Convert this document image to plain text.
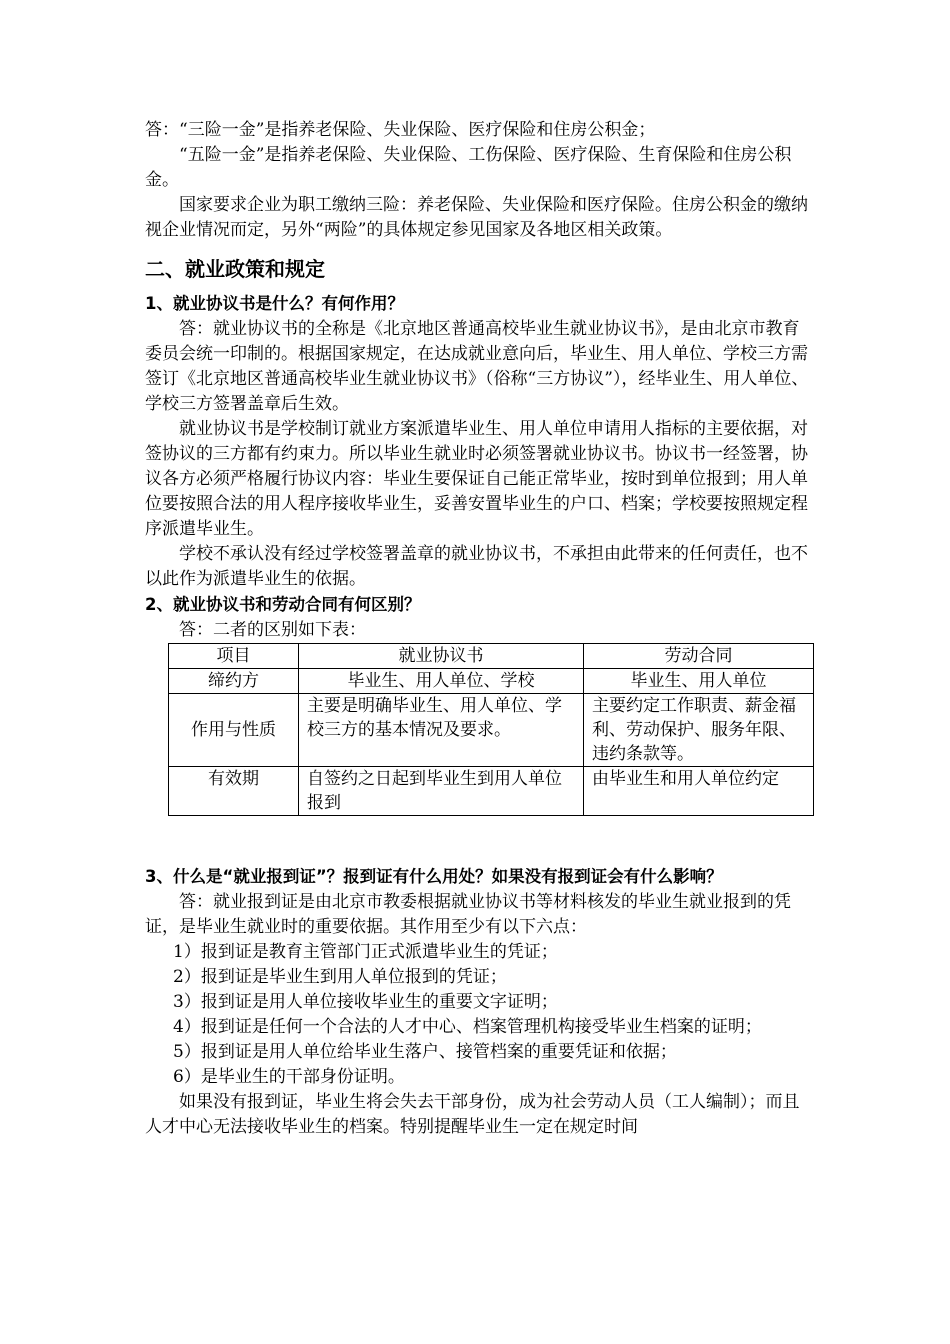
答：“三险一金”是指养老保险、失业保险、医疗保险和住房公积金；

“五险一金”是指养老保险、失业保险、工伤保险、医疗保险、生育保险和住房公积金。

国家要求企业为职工缴纳三险：养老保险、失业保险和医疗保险。住房公积金的缴纳视企业情况而定，另外“两险”的具体规定参见国家及各地区相关政策。

二、就业政策和规定
1、就业协议书是什么？有何作用？

答：就业协议书的全称是《北京地区普通高校毕业生就业协议书》，是由北京市教育委员会统一印制的。根据国家规定，在达成就业意向后，毕业生、用人单位、学校三方需签订《北京地区普通高校毕业生就业协议书》（俗称“三方协议”），经毕业生、用人单位、学校三方签署盖章后生效。

就业协议书是学校制订就业方案派遣毕业生、用人单位申请用人指标的主要依据，对签协议的三方都有约束力。所以毕业生就业时必须签署就业协议书。协议书一经签署，协议各方必须严格履行协议内容：毕业生要保证自己能正常毕业，按时到单位报到；用人单位要按照合法的用人程序接收毕业生，妥善安置毕业生的户口、档案；学校要按照规定程序派遣毕业生。

学校不承认没有经过学校签署盖章的就业协议书，不承担由此带来的任何责任，也不以此作为派遣毕业生的依据。

2、就业协议书和劳动合同有何区别？

答：二者的区别如下表：

项目	就业协议书	劳动合同
缔约方	毕业生、用人单位、学校	毕业生、用人单位
作用与性质	主要是明确毕业生、用人单位、学校三方的基本情况及要求。	主要约定工作职责、薪金福利、劳动保护、服务年限、违约条款等。
有效期	自签约之日起到毕业生到用人单位报到	由毕业生和用人单位约定
3、什么是“就业报到证”？报到证有什么用处？如果没有报到证会有什么影响？

答：就业报到证是由北京市教委根据就业协议书等材料核发的毕业生就业报到的凭证，是毕业生就业时的重要依据。其作用至少有以下六点：

1）报到证是教育主管部门正式派遣毕业生的凭证；

2）报到证是毕业生到用人单位报到的凭证；

3）报到证是用人单位接收毕业生的重要文字证明；

4）报到证是任何一个合法的人才中心、档案管理机构接受毕业生档案的证明；

5）报到证是用人单位给毕业生落户、接管档案的重要凭证和依据；

6）是毕业生的干部身份证明。

如果没有报到证，毕业生将会失去干部身份，成为社会劳动人员（工人编制）；而且人才中心无法接收毕业生的档案。特别提醒毕业生一定在规定时间
